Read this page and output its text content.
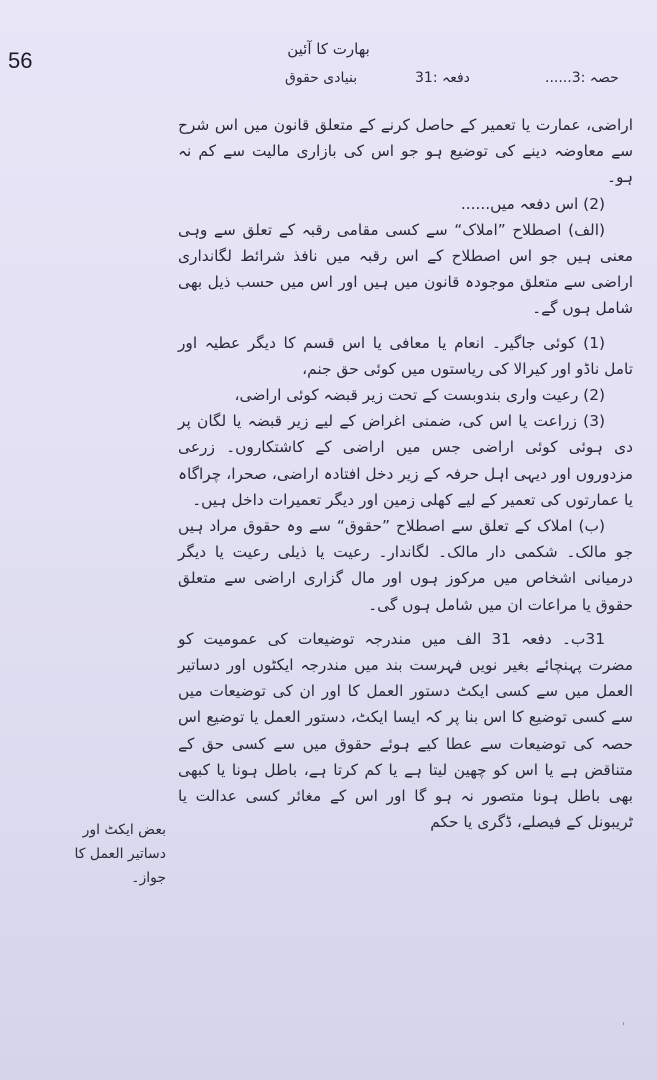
56	بھارت کا آئین
حصہ :3......
بنیادی حقوق	دفعہ :31

اراضی، عمارت یا تعمیر کے حاصل کرنے کے متعلق قانون میں اس شرح سے معاوضہ دینے کی توضیع ہو جو اس کی بازاری مالیت سے کم نہ ہو۔

(2) اس دفعہ میں......

(الف) اصطلاح ”املاک“ سے کسی مقامی رقبہ کے تعلق سے وہی معنی ہیں جو اس اصطلاح کے اس رقبہ میں نافذ شرائط لگانداری اراضی سے متعلق موجودہ قانون میں ہیں اور اس میں حسب ذیل بھی شامل ہوں گے۔

(1) کوئی جاگیر۔ انعام یا معافی یا اس قسم کا دیگر عطیہ اور تامل ناڈو اور کیرالا کی ریاستوں میں کوئی حق جنم،

(2) رعیت واری بندوبست کے تحت زیر قبضہ کوئی اراضی،

(3) زراعت یا اس کی، ضمنی اغراض کے لیے زیر قبضہ یا لگان پر دی ہوئی کوئی اراضی جس میں اراضی کے کاشتکاروں۔ زرعی مزدوروں اور دیہی اہل حرفہ کے زیر دخل افتادہ اراضی، صحرا، چراگاہ یا عمارتوں کی تعمیر کے لیے کھلی زمین اور دیگر تعمیرات داخل ہیں۔

(ب) املاک کے تعلق سے اصطلاح ”حقوق“ سے وہ حقوق مراد ہیں جو مالک۔ شکمی دار مالک۔ لگاندار۔ رعیت یا ذیلی رعیت یا دیگر درمیانی اشخاص میں مرکوز ہوں اور مال گزاری اراضی سے متعلق حقوق یا مراعات ان میں شامل ہوں گی۔

31ب۔ دفعہ 31 الف میں مندرجہ توضیعات کی عمومیت کو مضرت پہنچائے بغیر نویں فہرست بند میں مندرجہ ایکٹوں اور دساتیر العمل میں سے کسی ایکٹ دستور العمل کا اور ان کی توضیعات میں سے کسی توضیع کا اس بنا پر کہ ایسا ایکٹ، دستور العمل یا توضیع اس حصہ کی توضیعات سے عطا کیے ہوئے حقوق میں سے کسی حق کے متناقض ہے یا اس کو چھین لیتا ہے یا کم کرتا ہے، باطل ہونا یا کبھی بھی باطل ہونا متصور نہ ہو گا اور اس کے مغائر کسی عدالت یا ٹریبونل کے فیصلے، ڈگری یا حکم

بعض ایکٹ اور دساتیر العمل کا جواز۔
ˈ
